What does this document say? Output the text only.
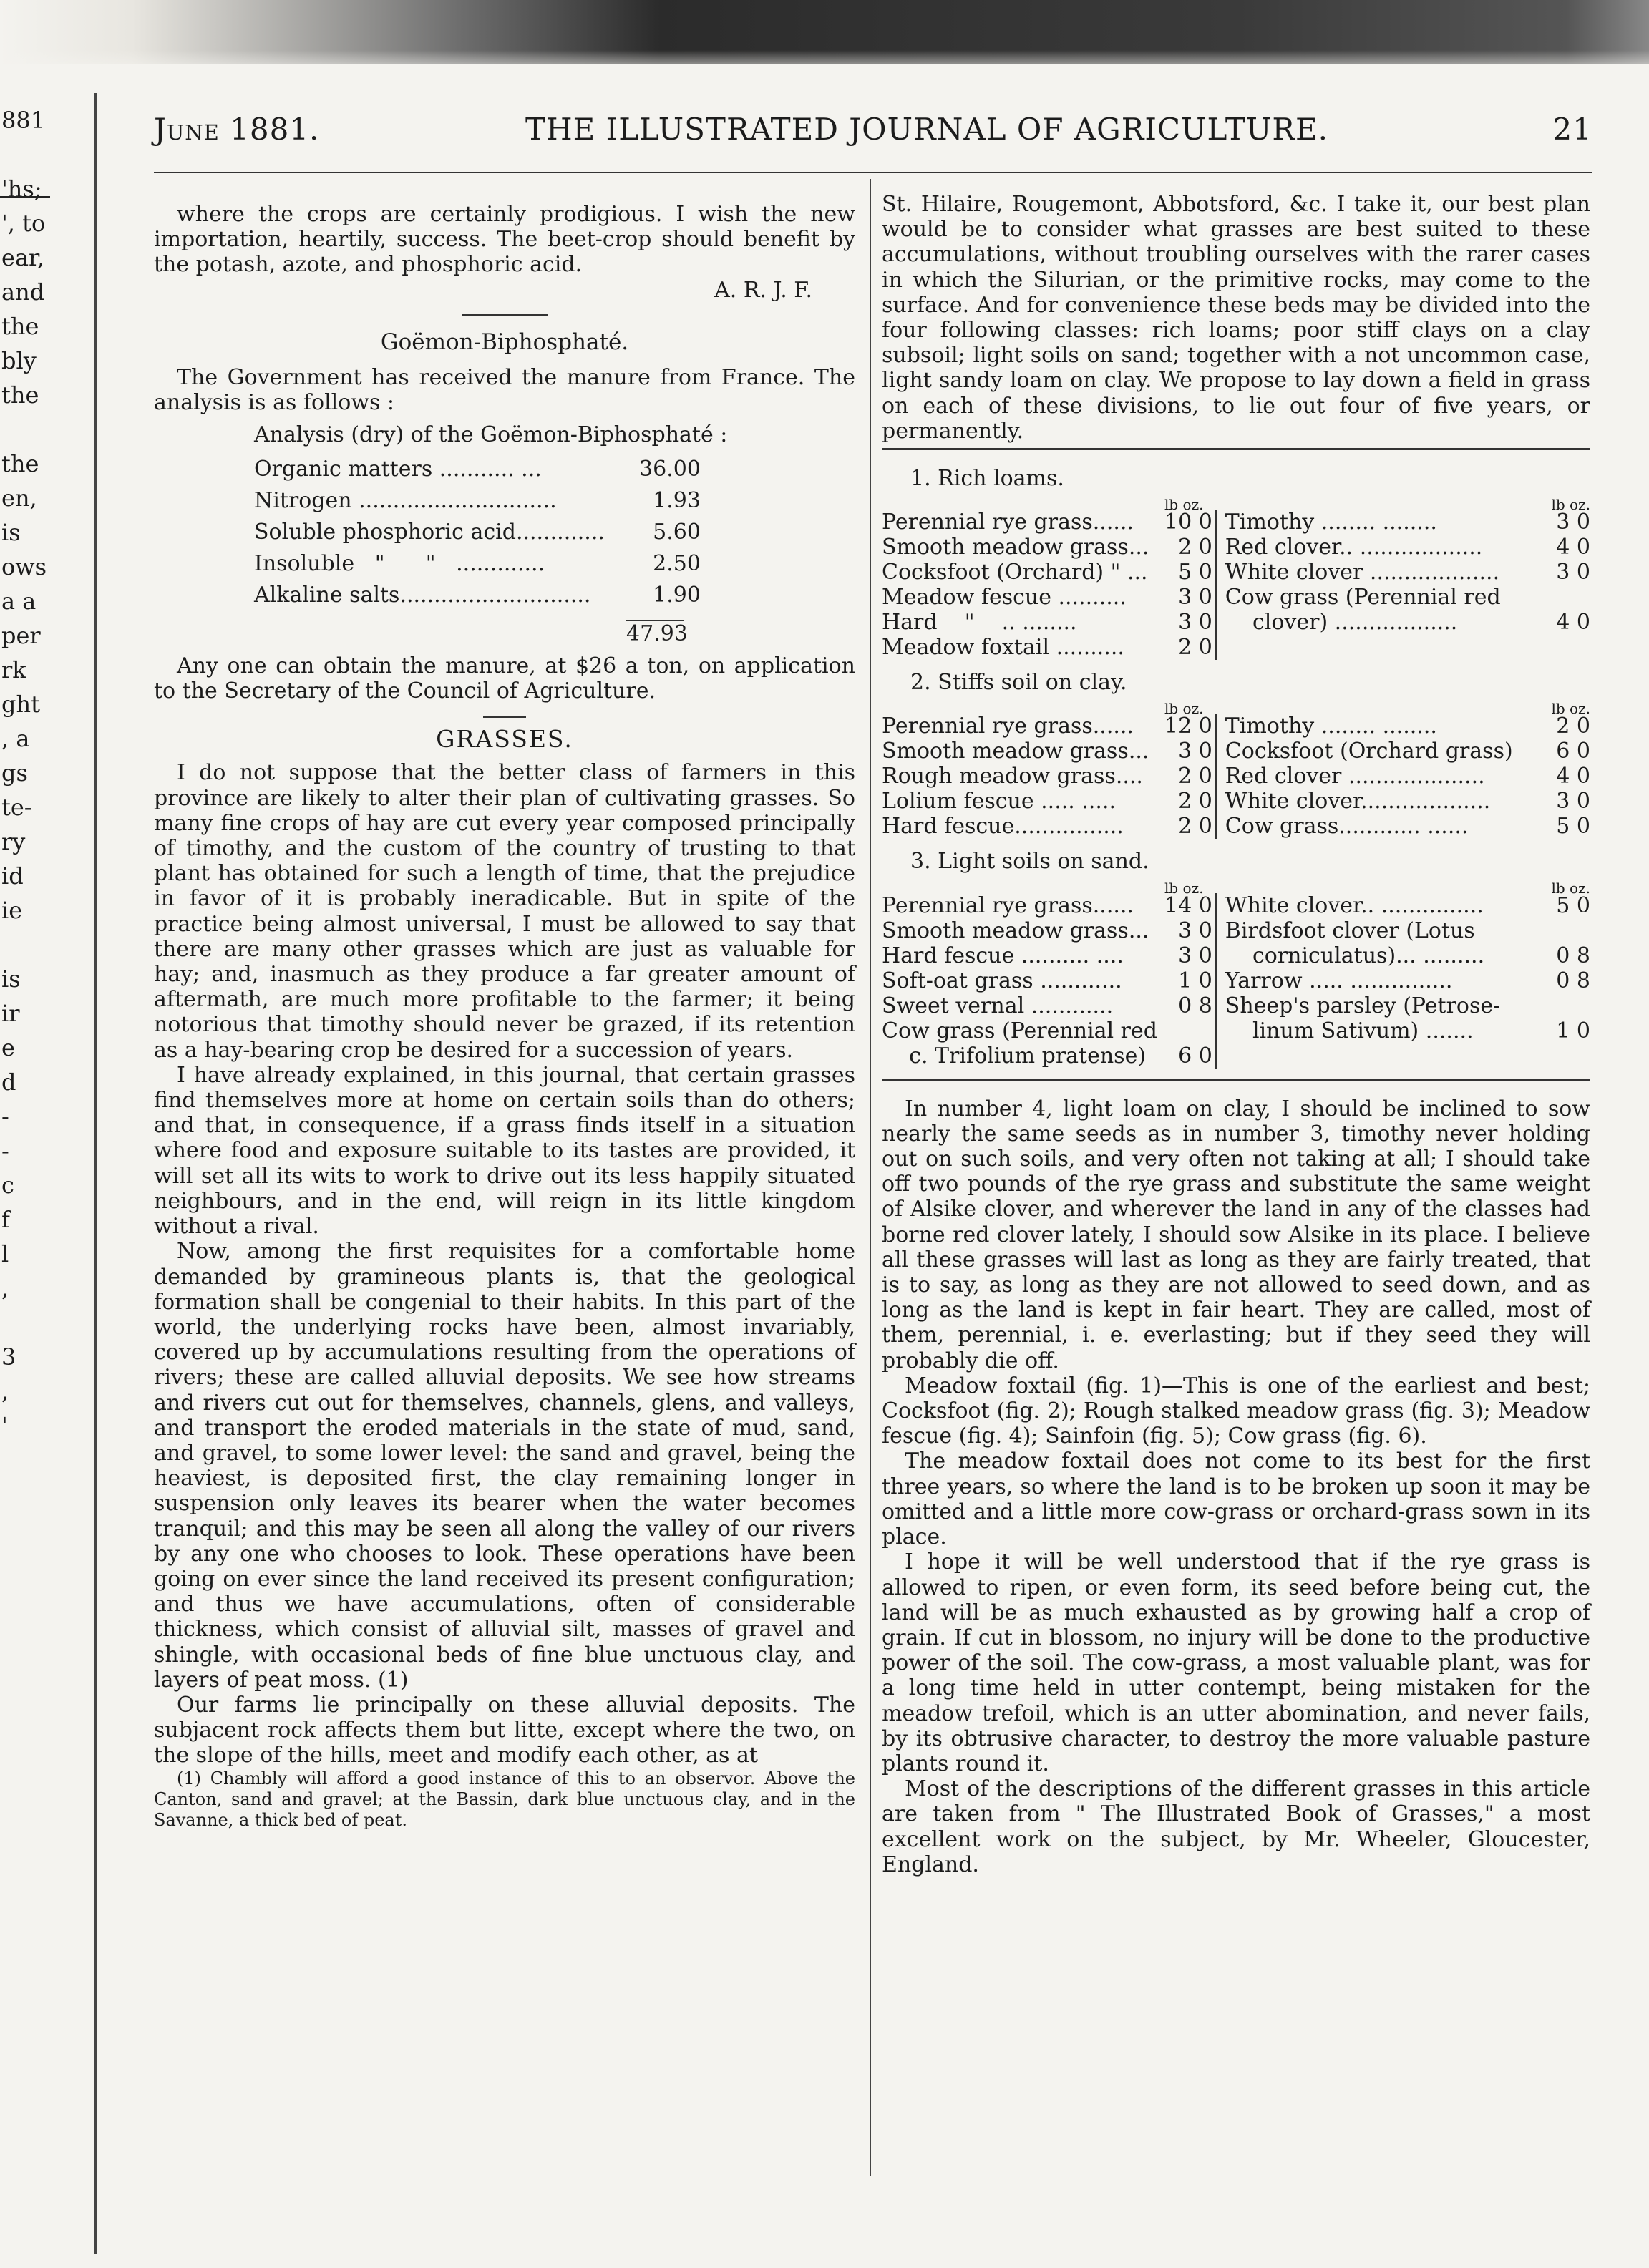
881
'hs;
', to
ear,
and
the
bly
the
the
en,
is
ows
a a
per
rk
ght
, a
gs
te-
ry
id
ie
is
ir
e
d
-
-
c
f
l
,
3
,
'
June 1881.	THE ILLUSTRATED JOURNAL OF AGRICULTURE.	21

where the crops are certainly prodigious. I wish the new importation, heartily, success. The beet-crop should benefit by the potash, azote, and phosphoric acid.

A. R. J. F.

Goëmon-Biphosphaté.

The Government has received the manure from France. The analysis is as follows :

Analysis (dry) of the Goëmon-Biphosphaté :

Organic matters ........... ...	36.00
Nitrogen .............................	1.93
Soluble phosphoric acid.............	5.60
Insoluble   "      "   .............	2.50
Alkaline salts............................	1.90
47.93

Any one can obtain the manure, at $26 a ton, on application to the Secretary of the Council of Agriculture.

GRASSES.

I do not suppose that the better class of farmers in this province are likely to alter their plan of cultivating grasses. So many fine crops of hay are cut every year composed principally of timothy, and the custom of the country of trusting to that plant has obtained for such a length of time, that the prejudice in favor of it is probably ineradicable. But in spite of the practice being almost universal, I must be allowed to say that there are many other grasses which are just as valuable for hay; and, inasmuch as they produce a far greater amount of aftermath, are much more profitable to the farmer; it being notorious that timothy should never be grazed, if its retention as a hay-bearing crop be desired for a succession of years.

I have already explained, in this journal, that certain grasses find themselves more at home on certain soils than do others; and that, in consequence, if a grass finds itself in a situation where food and exposure suitable to its tastes are provided, it will set all its wits to work to drive out its less happily situated neighbours, and in the end, will reign in its little kingdom without a rival.

Now, among the first requisites for a comfortable home demanded by gramineous plants is, that the geological formation shall be congenial to their habits. In this part of the world, the underlying rocks have been, almost invariably, covered up by accumulations resulting from the operations of rivers; these are called alluvial deposits. We see how streams and rivers cut out for themselves, channels, glens, and valleys, and transport the eroded materials in the state of mud, sand, and gravel, to some lower level: the sand and gravel, being the heaviest, is deposited first, the clay remaining longer in suspension only leaves its bearer when the water becomes tranquil; and this may be seen all along the valley of our rivers by any one who chooses to look. These operations have been going on ever since the land received its present configuration; and thus we have accumulations, often of considerable thickness, which consist of alluvial silt, masses of gravel and shingle, with occasional beds of fine blue unctuous clay, and layers of peat moss. (1)

Our farms lie principally on these alluvial deposits. The subjacent rock affects them but litte, except where the two, on the slope of the hills, meet and modify each other, as at

(1) Chambly will afford a good instance of this to an observor. Above the Canton, sand and gravel; at the Bassin, dark blue unctuous clay, and in the Savanne, a thick bed of peat.

St. Hilaire, Rougemont, Abbotsford, &c. I take it, our best plan would be to consider what grasses are best suited to these accumulations, without troubling ourselves with the rarer cases in which the Silurian, or the primitive rocks, may come to the surface. And for convenience these beds may be divided into the four following classes: rich loams; poor stiff clays on a clay subsoil; light soils on sand; together with a not uncommon case, light sandy loam on clay. We propose to lay down a field in grass on each of these divisions, to lie out four of five years, or permanently.

1. Rich loams.
lb oz.	lb oz.
Perennial rye grass......	10 0	Timothy ........ ........	3 0
Smooth meadow grass...	2 0	Red clover.. ..................	4 0
Cocksfoot (Orchard) " ...	5 0	White clover ...................	3 0
Meadow fescue ..........	3 0	Cow grass (Perennial red	
Hard    "    .. ........	3 0	clover) ..................	4 0
Meadow foxtail ..........	2 0		
2. Stiffs soil on clay.
lb oz.	lb oz.
Perennial rye grass......	12 0	Timothy ........ ........	2 0
Smooth meadow grass...	3 0	Cocksfoot (Orchard grass)	6 0
Rough meadow grass....	2 0	Red clover ....................	4 0
Lolium fescue ..... .....	2 0	White clover...................	3 0
Hard fescue................	2 0	Cow grass............ ......	5 0
3. Light soils on sand.
lb oz.	lb oz.
Perennial rye grass......	14 0	White clover.. ...............	5 0
Smooth meadow grass...	3 0	Birdsfoot clover (Lotus	
Hard fescue .......... ....	3 0	corniculatus)... .........	0 8
Soft-oat grass ............	1 0	Yarrow ..... ...............	0 8
Sweet vernal ............	0 8	Sheep's parsley (Petrose-	
Cow grass (Perennial red		linum Sativum) .......	1 0
c. Trifolium pratense)	6 0		

In number 4, light loam on clay, I should be inclined to sow nearly the same seeds as in number 3, timothy never holding out on such soils, and very often not taking at all; I should take off two pounds of the rye grass and substitute the same weight of Alsike clover, and wherever the land in any of the classes had borne red clover lately, I should sow Alsike in its place. I believe all these grasses will last as long as they are fairly treated, that is to say, as long as they are not allowed to seed down, and as long as the land is kept in fair heart. They are called, most of them, perennial, i. e. everlasting; but if they seed they will probably die off.

Meadow foxtail (fig. 1)—This is one of the earliest and best; Cocksfoot (fig. 2); Rough stalked meadow grass (fig. 3); Meadow fescue (fig. 4); Sainfoin (fig. 5); Cow grass (fig. 6).

The meadow foxtail does not come to its best for the first three years, so where the land is to be broken up soon it may be omitted and a little more cow-grass or orchard-grass sown in its place.

I hope it will be well understood that if the rye grass is allowed to ripen, or even form, its seed before being cut, the land will be as much exhausted as by growing half a crop of grain. If cut in blossom, no injury will be done to the productive power of the soil. The cow-grass, a most valuable plant, was for a long time held in utter contempt, being mistaken for the meadow trefoil, which is an utter abomination, and never fails, by its obtrusive character, to destroy the more valuable pasture plants round it.

Most of the descriptions of the different grasses in this article are taken from " The Illustrated Book of Grasses," a most excellent work on the subject, by Mr. Wheeler, Gloucester, England.
